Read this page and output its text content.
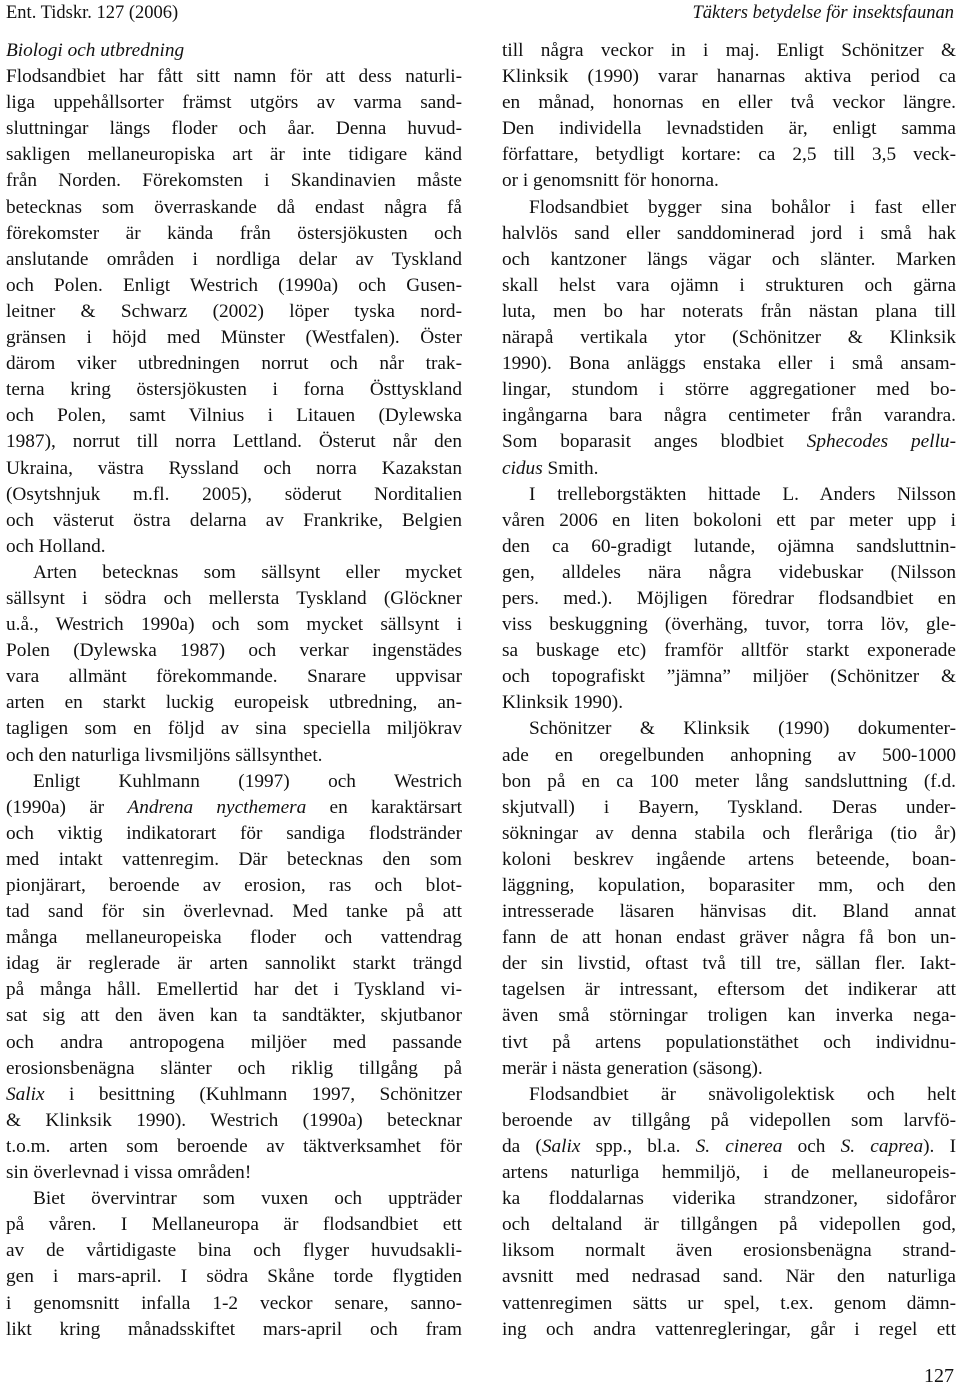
Ent. Tidskr. 127 (2006)	Täkters betydelse för insektsfaunan
Biologi och utbredning
Flodsandbiet har fått sitt namn för att dess naturli-
liga uppehållsorter främst utgörs av varma sand-
sluttningar längs floder och åar. Denna huvud-
sakligen mellaneuropiska art är inte tidigare känd
från Norden. Förekomsten i Skandinavien måste
betecknas som överraskande då endast några få
förekomster är kända från östersjökusten och
anslutande områden i nordliga delar av Tyskland
och Polen. Enligt Westrich (1990a) och Gusen-
leitner & Schwarz (2002) löper tyska nord-
gränsen i höjd med Münster (Westfalen). Öster
därom viker utbredningen norrut och når trak-
terna kring östersjökusten i forna Östtyskland
och Polen, samt Vilnius i Litauen (Dylewska
1987), norrut till norra Lettland. Österut når den
Ukraina, västra Ryssland och norra Kazakstan
(Osytshnjuk m.fl. 2005), söderut Norditalien
och västerut östra delarna av Frankrike, Belgien
och Holland.
Arten betecknas som sällsynt eller mycket
sällsynt i södra och mellersta Tyskland (Glöckner
u.å., Westrich 1990a) och som mycket sällsynt i
Polen (Dylewska 1987) och verkar ingenstädes
vara allmänt förekommande. Snarare uppvisar
arten en starkt luckig europeisk utbredning, an-
tagligen som en följd av sina speciella miljökrav
och den naturliga livsmiljöns sällsynthet.
Enligt Kuhlmann (1997) och Westrich
(1990a) är Andrena nycthemera en karaktärsart
och viktig indikatorart för sandiga flodstränder
med intakt vattenregim. Där betecknas den som
pionjärart, beroende av erosion, ras och blot-
tad sand för sin överlevnad. Med tanke på att
många mellaneuropeiska floder och vattendrag
idag är reglerade är arten sannolikt starkt trängd
på många håll. Emellertid har det i Tyskland vi-
sat sig att den även kan ta sandtäkter, skjutbanor
och andra antropogena miljöer med passande
erosionsbenägna slänter och riklig tillgång på
Salix i besittning (Kuhlmann 1997, Schönitzer
& Klinksik 1990). Westrich (1990a) betecknar
t.o.m. arten som beroende av täktverksamhet för
sin överlevnad i vissa områden!
Biet övervintrar som vuxen och uppträder
på våren. I Mellaneuropa är flodsandbiet ett
av de vårtidigaste bina och flyger huvudsakli-
gen i mars-april. I södra Skåne torde flygtiden
i genomsnitt infalla 1-2 veckor senare, sanno-
likt kring månadsskiftet mars-april och fram
till några veckor in i maj. Enligt Schönitzer &
Klinksik (1990) varar hanarnas aktiva period ca
en månad, honornas en eller två veckor längre.
Den individella levnadstiden är, enligt samma
författare, betydligt kortare: ca 2,5 till 3,5 veck-
or i genomsnitt för honorna.
Flodsandbiet bygger sina bohålor i fast eller
halvlös sand eller sanddominerad jord i små hak
och kantzoner längs vägar och slänter. Marken
skall helst vara ojämn i strukturen och gärna
luta, men bo har noterats från nästan plana till
närapå vertikala ytor (Schönitzer & Klinksik
1990). Bona anläggs enstaka eller i små ansam-
lingar, stundom i större aggregationer med bo-
ingångarna bara några centimeter från varandra.
Som boparasit anges blodbiet Sphecodes pellu-
cidus Smith.
I trelleborgstäkten hittade L. Anders Nilsson
våren 2006 en liten bokoloni ett par meter upp i
den ca 60-gradigt lutande, ojämna sandsluttnin-
gen, alldeles nära några videbuskar (Nilsson
pers. med.). Möjligen föredrar flodsandbiet en
viss beskuggning (överhäng, tuvor, torra löv, gle-
sa buskage etc) framför alltför starkt exponerade
och topografiskt ”jämna” miljöer (Schönitzer &
Klinksik 1990).
Schönitzer & Klinksik (1990) dokumenter-
ade en oregelbunden anhopning av 500-1000
bon på en ca 100 meter lång sandsluttning (f.d.
skjutvall) i Bayern, Tyskland. Deras under-
sökningar av denna stabila och fleråriga (tio år)
koloni beskrev ingående artens beteende, boan-
läggning, kopulation, boparasiter mm, och den
intresserade läsaren hänvisas dit. Bland annat
fann de att honan endast gräver några få bon un-
der sin livstid, oftast två till tre, sällan fler. Iakt-
tagelsen är intressant, eftersom det indikerar att
även små störningar troligen kan inverka nega-
tivt på artens populationstäthet och individnu-
merär i nästa generation (säsong).
Flodsandbiet är snävoligolektisk och helt
beroende av tillgång på videpollen som larvfö-
da (Salix spp., bl.a. S. cinerea och S. caprea). I
artens naturliga hemmiljö, i de mellaneuropeis-
ka floddalarnas viderika strandzoner, sidofåror
och deltaland är tillgången på videpollen god,
liksom normalt även erosionsbenägna strand-
avsnitt med nedrasad sand. När den naturliga
vattenregimen sätts ur spel, t.ex. genom dämn-
ing och andra vattenregleringar, går i regel ett
127
